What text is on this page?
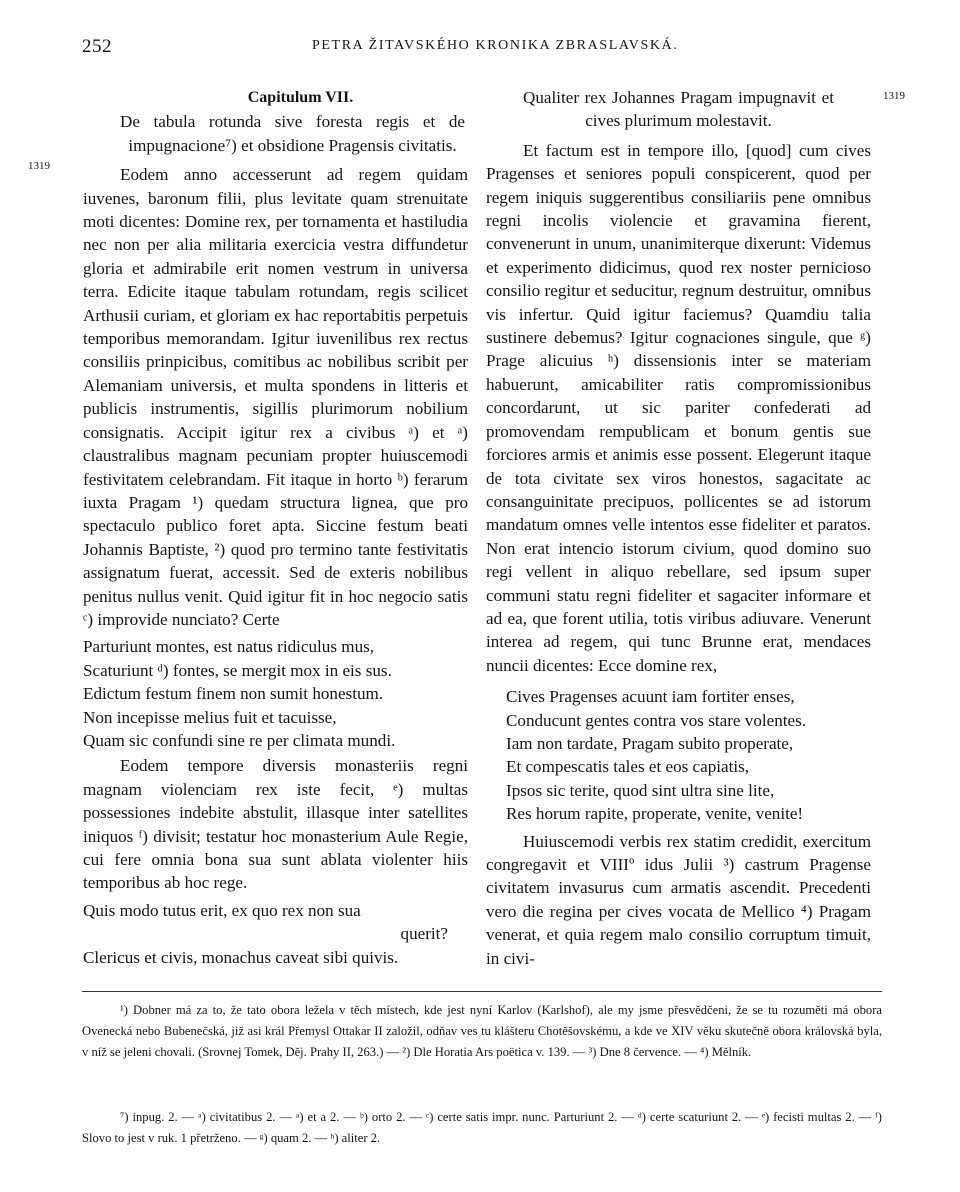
252	PETRA ŽITAVSKÉHO KRONIKA ZBRASLAVSKÁ.
1319
1319
Capitulum VII.

De tabula rotunda sive foresta regis et de impugnacione⁷) et obsidione Pragensis civitatis.

Eodem anno accesserunt ad regem quidam iuvenes, baronum filii, plus levitate quam strenuitate moti dicentes: Domine rex, per tornamenta et hastiludia nec non per alia militaria exercicia vestra diffundetur gloria et admirabile erit nomen vestrum in universa terra. Edicite itaque tabulam rotundam, regis scilicet Arthusii curiam, et gloriam ex hac reportabitis perpetuis temporibus memorandam. Igitur iuvenilibus rex rectus consiliis prinpicibus, comitibus ac nobilibus scribit per Alemaniam universis, et multa spondens in litteris et publicis instrumentis, sigillis plurimorum nobilium consignatis. Accipit igitur rex a civibus ᵃ) et ᵃ) claustralibus magnam pecuniam propter huiuscemodi festivitatem celebrandam. Fit itaque in horto ᵇ) ferarum iuxta Pragam ¹) quedam structura lignea, que pro spectaculo publico foret apta. Siccine festum beati Johannis Baptiste, ²) quod pro termino tante festivitatis assignatum fuerat, accessit. Sed de exteris nobilibus penitus nullus venit. Quid igitur fit in hoc negocio satis ᶜ) improvide nunciato? Certe

Parturiunt montes, est natus ridiculus mus,
Scaturiunt ᵈ) fontes, se mergit mox in eis sus.
Edictum festum finem non sumit honestum.
Non incepisse melius fuit et tacuisse,
Quam sic confundi sine re per climata mundi.

Eodem tempore diversis monasteriis regni magnam violenciam rex iste fecit, ᵉ) multas possessiones indebite abstulit, illasque inter satellites iniquos ᶠ) divisit; testatur hoc monasterium Aule Regie, cui fere omnia bona sua sunt ablata violenter hiis temporibus ab hoc rege.

Quis modo tutus erit, ex quo rex non sua
querit?
Clericus et civis, monachus caveat sibi quivis.

Qualiter rex Johannes Pragam impugnavit et cives plurimum molestavit.

Et factum est in tempore illo, [quod] cum cives Pragenses et seniores populi conspicerent, quod per regem iniquis suggerentibus consiliariis pene omnibus regni incolis violencie et gravamina fierent, convenerunt in unum, unanimiterque dixerunt: Videmus et experimento didicimus, quod rex noster pernicioso consilio regitur et seducitur, regnum destruitur, omnibus vis infertur. Quid igitur faciemus? Quamdiu talia sustinere debemus? Igitur cognaciones singule, que ᵍ) Prage alicuius ʰ) dissensionis inter se materiam habuerunt, amicabiliter ratis compromissionibus concordarunt, ut sic pariter confederati ad promovendam rempublicam et bonum gentis sue forciores armis et animis esse possent. Elegerunt itaque de tota civitate sex viros honestos, sagacitate ac consanguinitate precipuos, pollicentes se ad istorum mandatum omnes velle intentos esse fideliter et paratos. Non erat intencio istorum civium, quod domino suo regi vellent in aliquo rebellare, sed ipsum super communi statu regni fideliter et sagaciter informare et ad ea, que forent utilia, totis viribus adiuvare. Venerunt interea ad regem, qui tunc Brunne erat, mendaces nuncii dicentes: Ecce domine rex,

Cives Pragenses acuunt iam fortiter enses,
Conducunt gentes contra vos stare volentes.
Iam non tardate, Pragam subito properate,
Et compescatis tales et eos capiatis,
Ipsos sic terite, quod sint ultra sine lite,
Res horum rapite, properate, venite, venite!

Huiuscemodi verbis rex statim credidit, exercitum congregavit et VIIIº idus Julii ³) castrum Pragense civitatem invasurus cum armatis ascendit. Precedenti vero die regina per cives vocata de Mellico ⁴) Pragam venerat, et quia regem malo consilio corruptum timuit, in civi-

¹) Dobner má za to, že tato obora ležela v těch místech, kde jest nyní Karlov (Karlshof), ale my jsme přesvědčeni, že se tu rozuměti má obora Ovenecká nebo Bubenečská, již asi král Přemysl Ottakar II založil, odňav ves tu klášteru Chotěšovskému, a kde ve XIV věku skutečně obora královská byla, v níž se jeleni chovali. (Srovnej Tomek, Děj. Prahy II, 263.) — ²) Dle Horatia Ars poëtica v. 139. — ³) Dne 8 července. — ⁴) Mělník.

⁷) inpug. 2. — ᵃ) civitatibus 2. — ᵃ) et a 2. — ᵇ) orto 2. — ᶜ) certe satis impr. nunc. Parturiunt 2. — ᵈ) certe scaturiunt 2. — ᵉ) fecisti multas 2. — ᶠ) Slovo to jest v ruk. 1 přetrženo. — ᵍ) quam 2. — ʰ) aliter 2.
